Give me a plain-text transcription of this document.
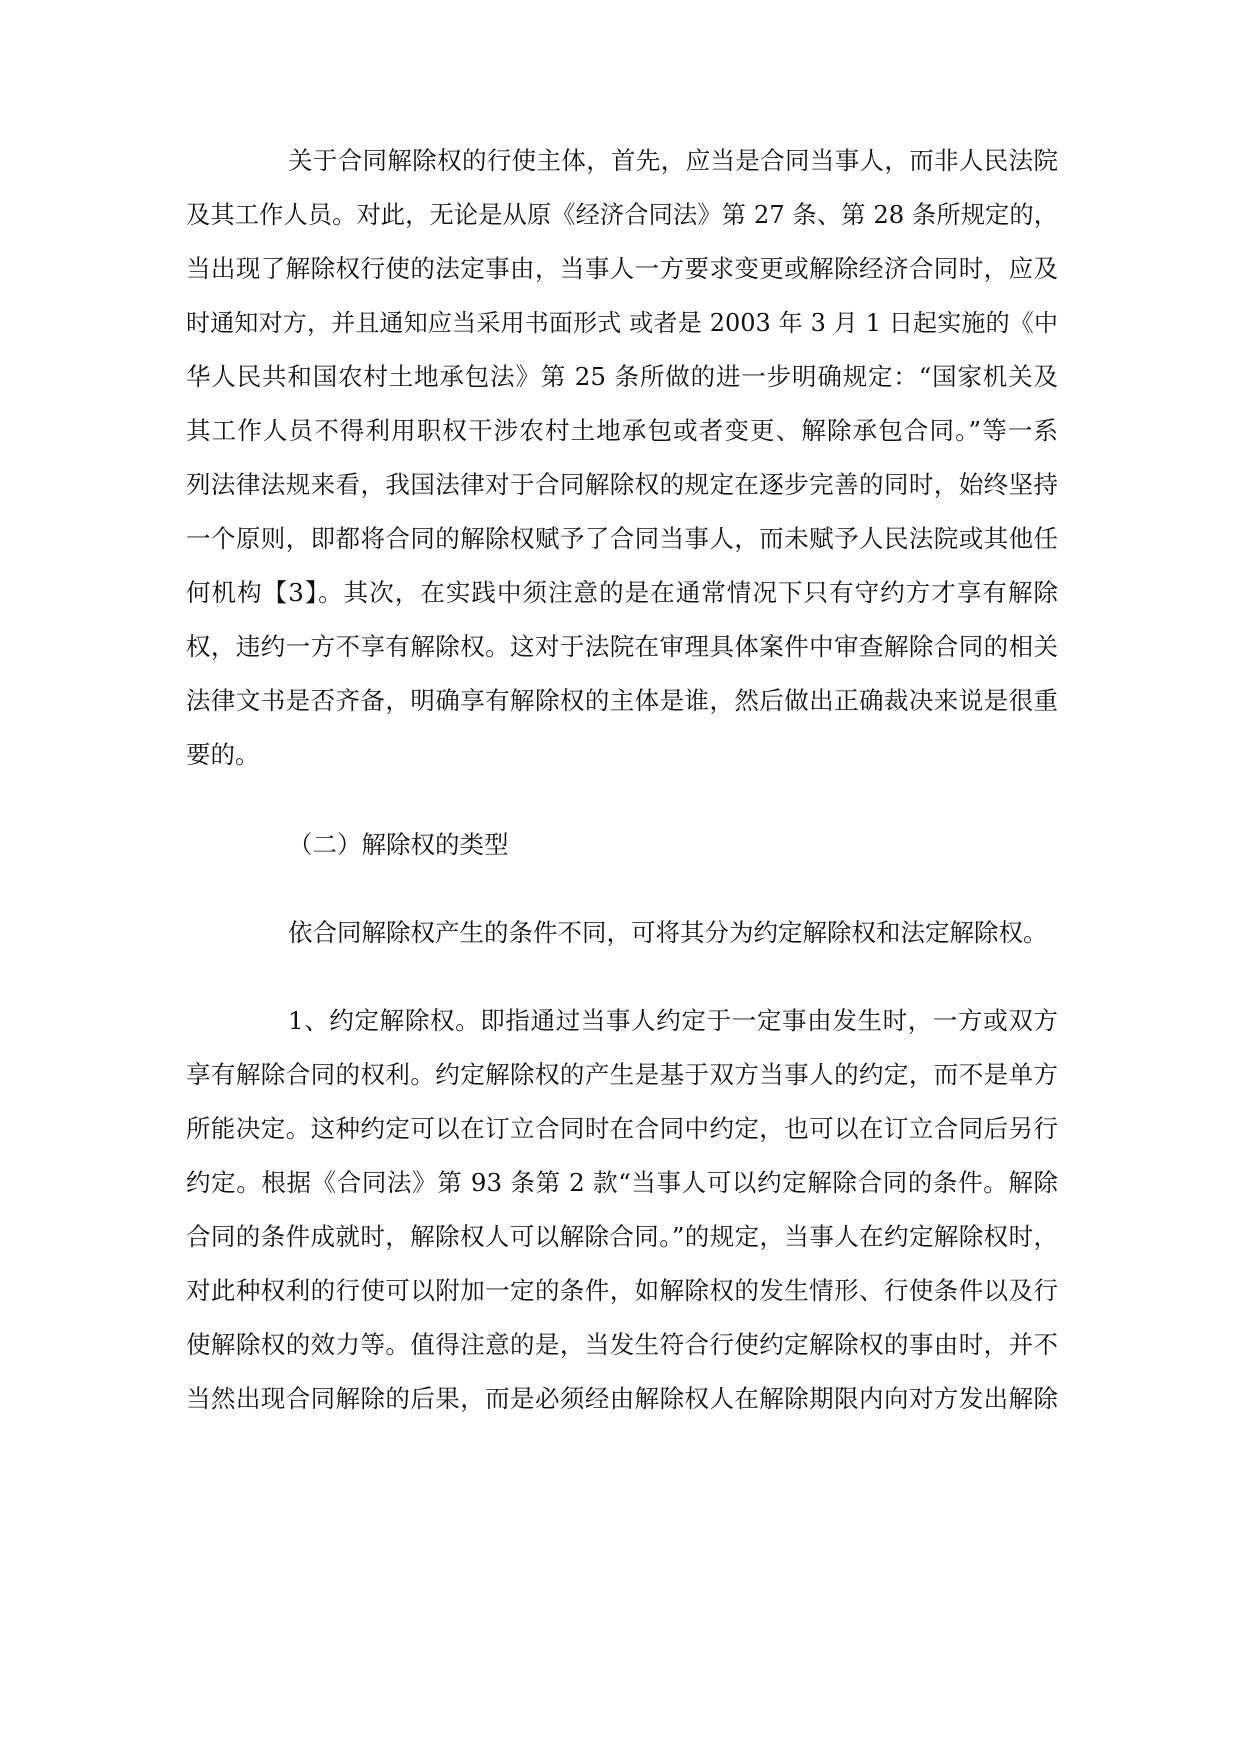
关于合同解除权的行使主体，首先，应当是合同当事人，而非人民法院
及其工作人员。对此，无论是从原《经济合同法》第 27 条、第 28 条所规定的，
当出现了解除权行使的法定事由，当事人一方要求变更或解除经济合同时，应及
时通知对方，并且通知应当采用书面形式 或者是 2003 年 3 月 1 日起实施的《中
华人民共和国农村土地承包法》第 25 条所做的进一步明确规定：“国家机关及
其工作人员不得利用职权干涉农村土地承包或者变更、解除承包合同。”等一系
列法律法规来看，我国法律对于合同解除权的规定在逐步完善的同时，始终坚持
一个原则，即都将合同的解除权赋予了合同当事人，而未赋予人民法院或其他任
何机构【3】。其次，在实践中须注意的是在通常情况下只有守约方才享有解除
权，违约一方不享有解除权。这对于法院在审理具体案件中审查解除合同的相关
法律文书是否齐备，明确享有解除权的主体是谁，然后做出正确裁决来说是很重
要的。
（二）解除权的类型
依合同解除权产生的条件不同，可将其分为约定解除权和法定解除权。
1、约定解除权。即指通过当事人约定于一定事由发生时，一方或双方
享有解除合同的权利。约定解除权的产生是基于双方当事人的约定，而不是单方
所能决定。这种约定可以在订立合同时在合同中约定，也可以在订立合同后另行
约定。根据《合同法》第 93 条第 2 款“当事人可以约定解除合同的条件。解除
合同的条件成就时，解除权人可以解除合同。”的规定，当事人在约定解除权时，
对此种权利的行使可以附加一定的条件，如解除权的发生情形、行使条件以及行
使解除权的效力等。值得注意的是，当发生符合行使约定解除权的事由时，并不
当然出现合同解除的后果，而是必须经由解除权人在解除期限内向对方发出解除
